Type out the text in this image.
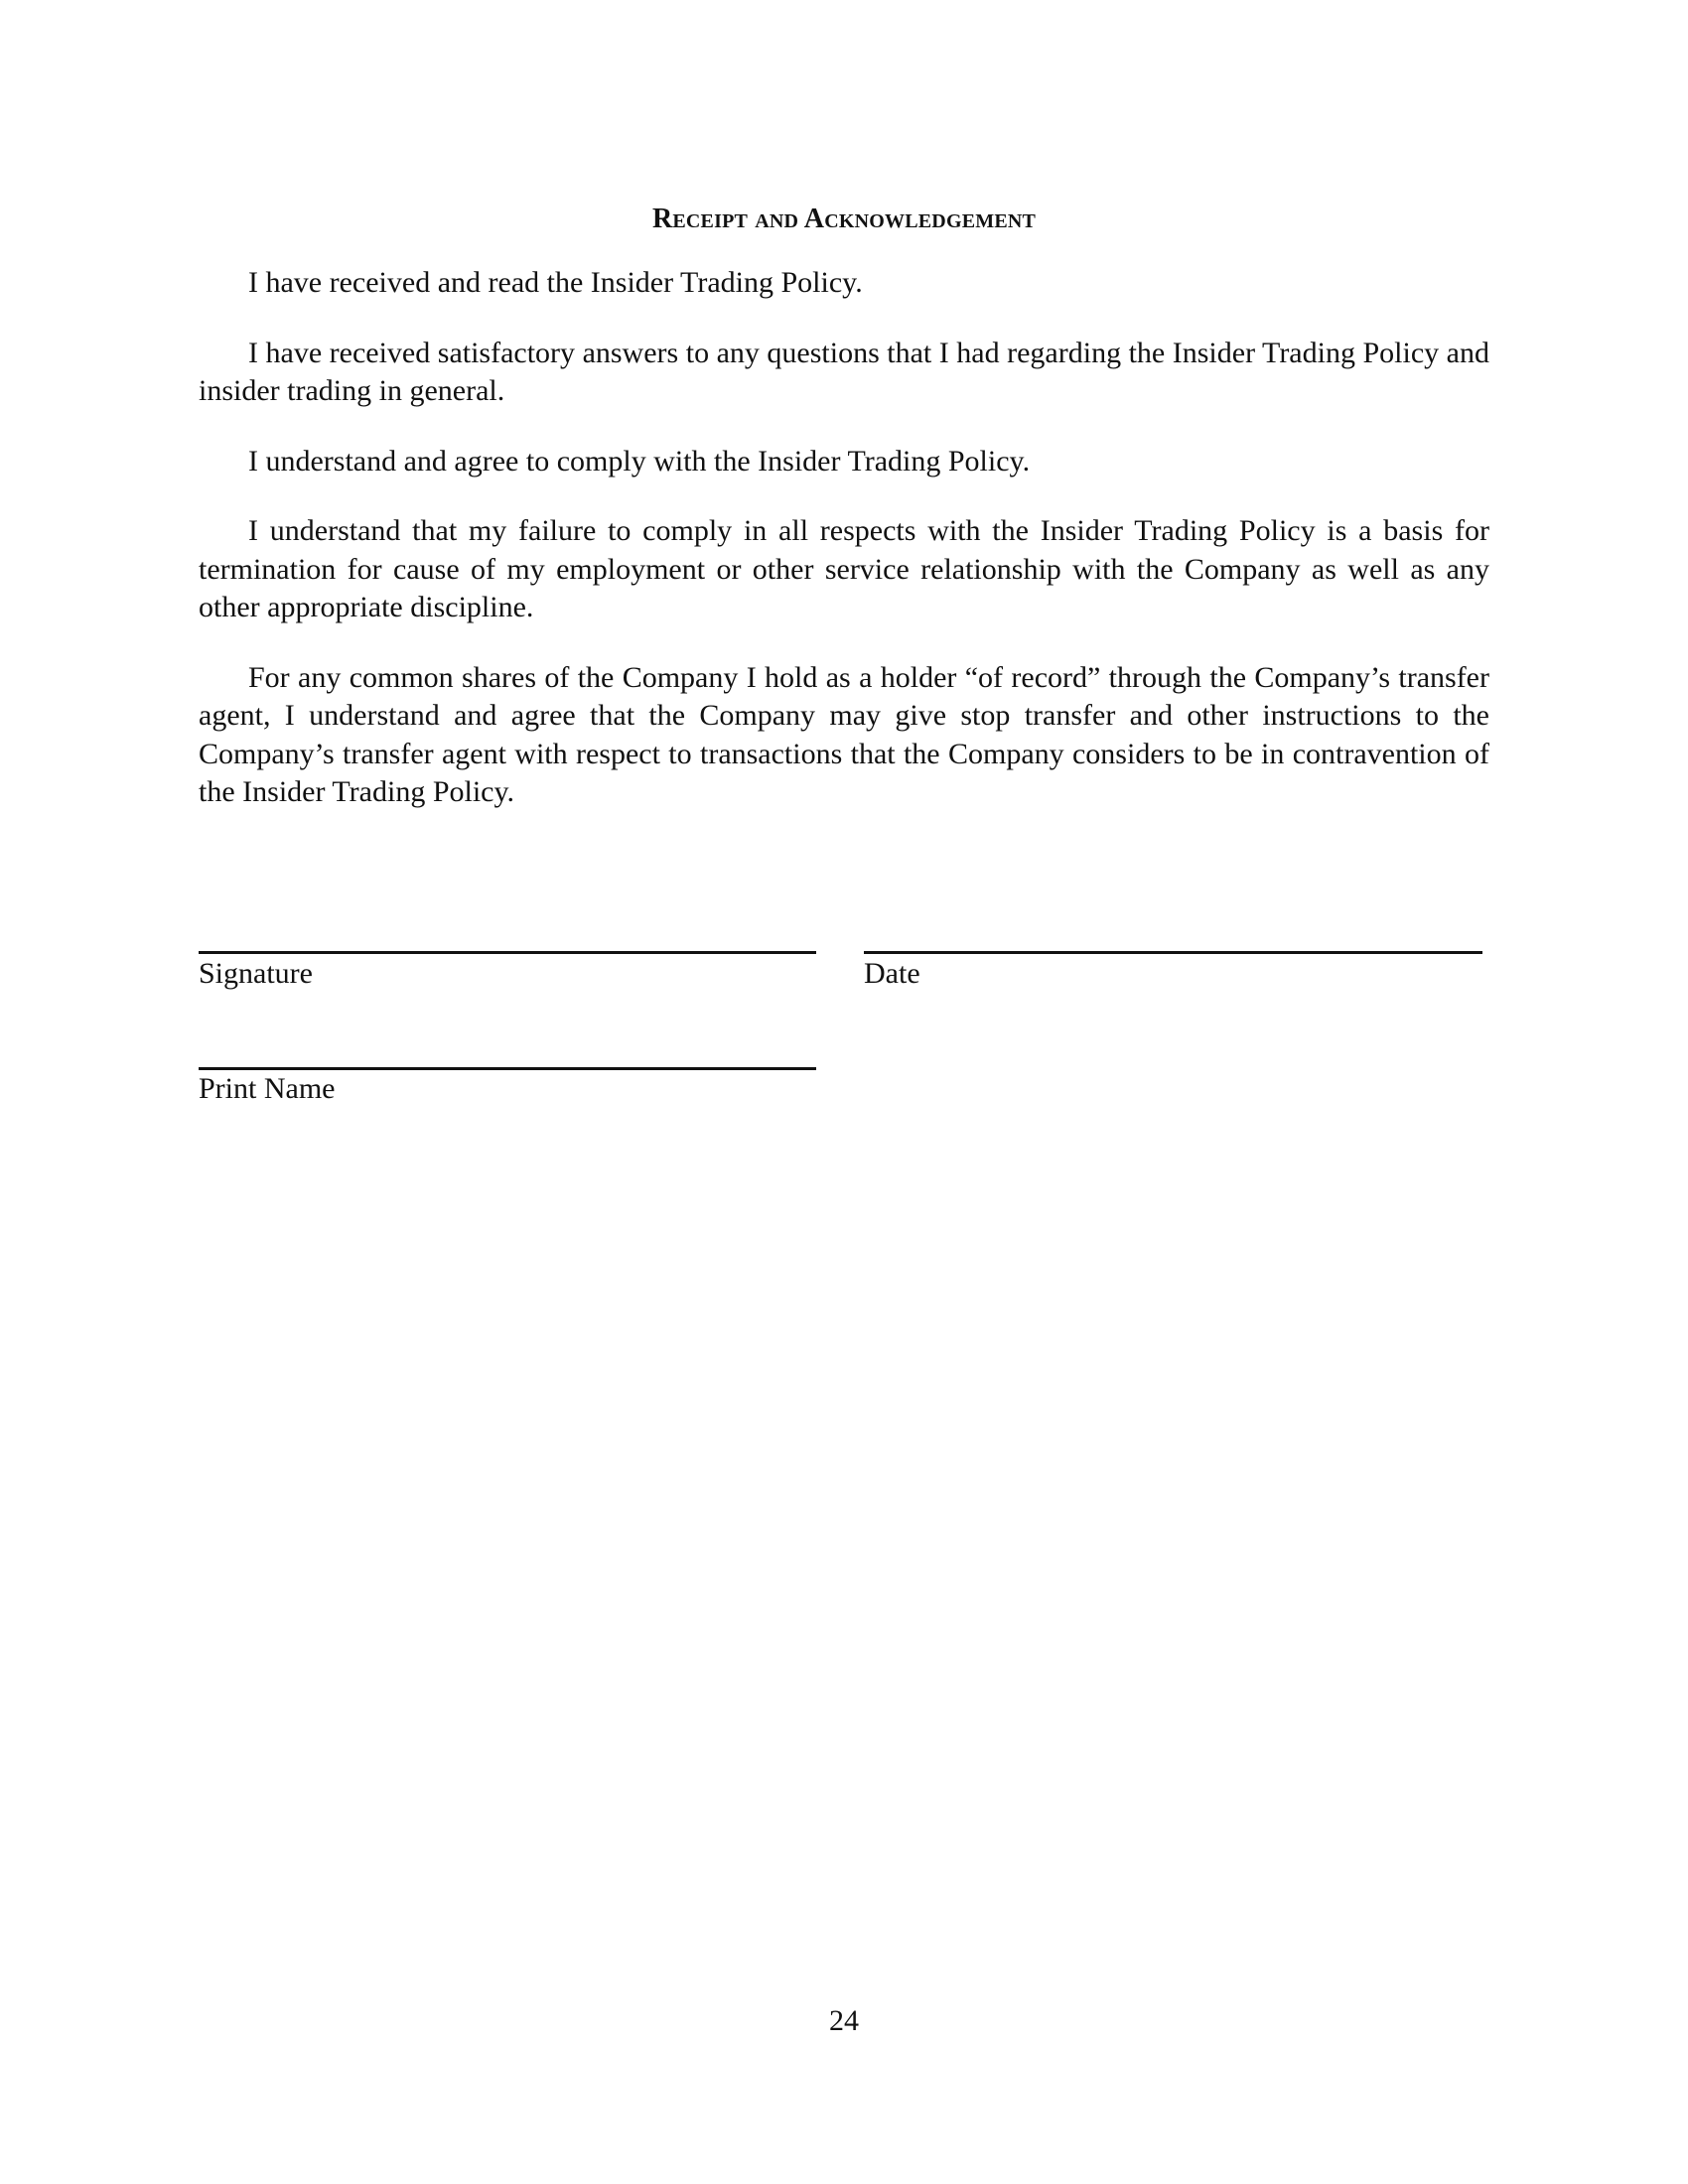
Receipt and Acknowledgement

I have received and read the Insider Trading Policy.

I have received satisfactory answers to any questions that I had regarding the Insider Trading Policy and insider trading in general.

I understand and agree to comply with the Insider Trading Policy.

I understand that my failure to comply in all respects with the Insider Trading Policy is a basis for termination for cause of my employment or other service relationship with the Company as well as any other appropriate discipline.

For any common shares of the Company I hold as a holder “of record” through the Company’s transfer agent, I understand and agree that the Company may give stop transfer and other instructions to the Company’s transfer agent with respect to transactions that the Company considers to be in contravention of the Insider Trading Policy.

Signature	Date
Print Name
24
